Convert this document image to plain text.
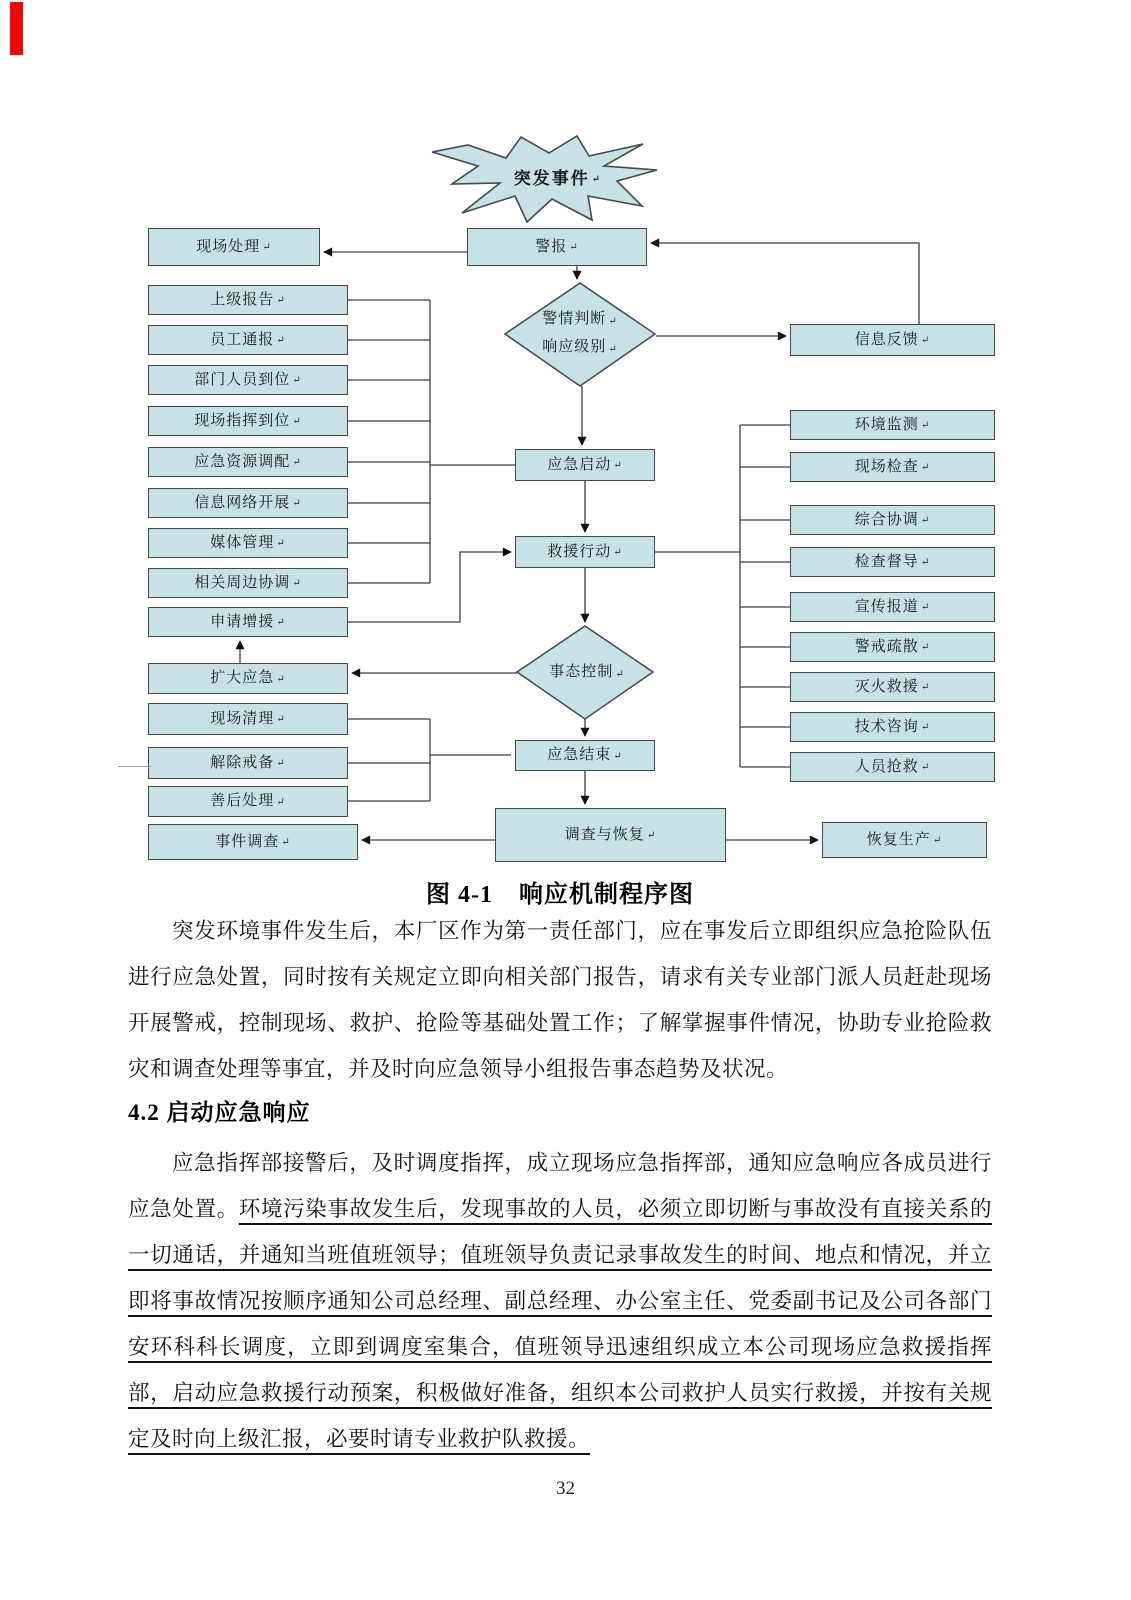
突发事件 ↵
警情判断 ↵
响应级别 ↵
事态控制 ↵
现场处理 ↵	警报 ↵
上级报告 ↵
员工通报 ↵
部门人员到位 ↵
现场指挥到位 ↵
应急资源调配 ↵
信息网络开展 ↵
媒体管理 ↵
相关周边协调 ↵
申请增援 ↵
扩大应急 ↵
现场清理 ↵
解除戒备 ↵
善后处理 ↵
事件调查 ↵
应急启动 ↵
救援行动 ↵
应急结束 ↵
调查与恢复 ↵
信息反馈 ↵
环境监测 ↵
现场检查 ↵
综合协调 ↵
检查督导 ↵
宣传报道 ↵
警戒疏散 ↵
灭火救援 ↵
技术咨询 ↵
人员抢救 ↵
恢复生产 ↵
图 4-1 响应机制程序图
突发环境事件发生后，本厂区作为第一责任部门，应在事发后立即组织应急抢险队伍进行应急处置，同时按有关规定立即向相关部门报告，请求有关专业部门派人员赶赴现场开展警戒，控制现场、救护、抢险等基础处置工作；了解掌握事件情况，协助专业抢险救灾和调查处理等事宜，并及时向应急领导小组报告事态趋势及状况。
4.2 启动应急响应
应急指挥部接警后，及时调度指挥，成立现场应急指挥部，通知应急响应各成员进行应急处置。环境污染事故发生后，发现事故的人员，必须立即切断与事故没有直接关系的一切通话，并通知当班值班领导；值班领导负责记录事故发生的时间、地点和情况，并立即将事故情况按顺序通知公司总经理、副总经理、办公室主任、党委副书记及公司各部门安环科科长调度，立即到调度室集合，值班领导迅速组织成立本公司现场应急救援指挥部，启动应急救援行动预案，积极做好准备，组织本公司救护人员实行救援，并按有关规定及时向上级汇报，必要时请专业救护队救援。
32
